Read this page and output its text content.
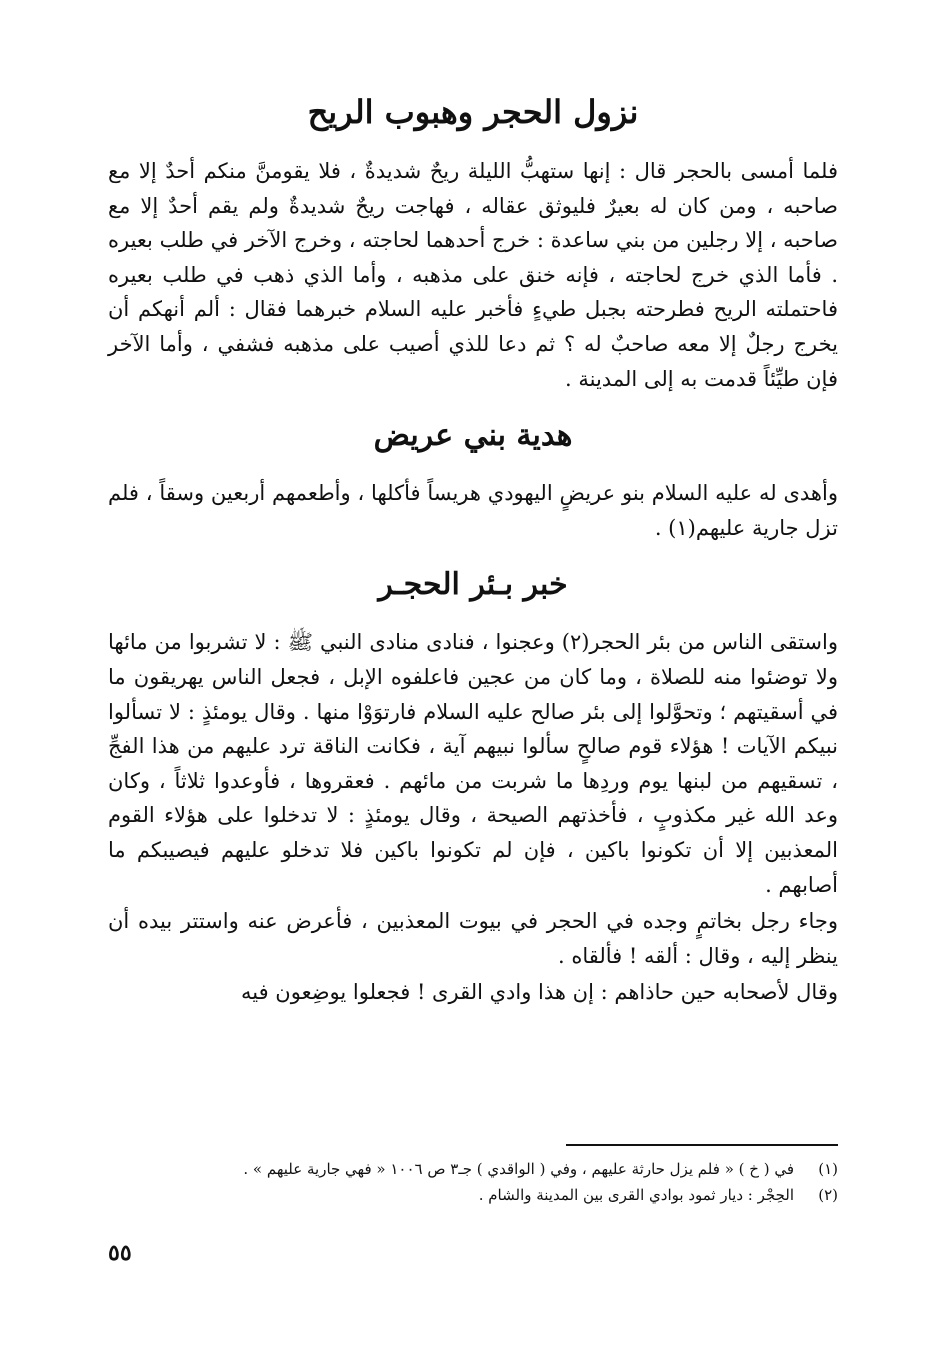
نزول الحجر وهبوب الريح

فلما أمسى بالحجر قال : إنها ستهبُّ الليلة ريحٌ شديدةٌ ، فلا يقومنَّ منكم أحدٌ إلا مع صاحبه ، ومن كان له بعيرٌ فليوثق عقاله ، فهاجت ريحٌ شديدةٌ ولم يقم أحدٌ إلا مع صاحبه ، إلا رجلين من بني ساعدة : خرج أحدهما لحاجته ، وخرج الآخر في طلب بعيره . فأما الذي خرج لحاجته ، فإنه خنق على مذهبه ، وأما الذي ذهب في طلب بعيره فاحتملته الريح فطرحته بجبل طيءٍ فأخبر عليه السلام خبرهما فقال : ألم أنهكم أن يخرج رجلٌ إلا معه صاحبٌ له ؟ ثم دعا للذي أصيب على مذهبه فشفي ، وأما الآخر فإن طيِّئاً قدمت به إلى المدينة .

هدية بني عريض

وأهدى له عليه السلام بنو عريضٍ اليهودي هريساً فأكلها ، وأطعمهم أربعين وسقاً ، فلم تزل جارية عليهم(١) .

خبر بـئر الحجـر

واستقى الناس من بئر الحجر(٢) وعجنوا ، فنادى منادى النبي ﷺ : لا تشربوا من مائها ولا توضئوا منه للصلاة ، وما كان من عجين فاعلفوه الإبل ، فجعل الناس يهريقون ما في أسقيتهم ؛ وتحوَّلوا إلى بئر صالح عليه السلام فارتوَوْا منها . وقال يومئذٍ : لا تسألوا نبيكم الآيات ! هؤلاء قوم صالحٍ سألوا نبيهم آية ، فكانت الناقة ترد عليهم من هذا الفجِّ ، تسقيهم من لبنها يوم وردِها ما شربت من مائهم . فعقروها ، فأوعدوا ثلاثاً ، وكان وعد الله غير مكذوبٍ ، فأخذتهم الصيحة ، وقال يومئذٍ : لا تدخلوا على هؤلاء القوم المعذبين إلا أن تكونوا باكين ، فإن لم تكونوا باكين فلا تدخلو عليهم فيصيبكم ما أصابهم .

وجاء رجل بخاتمٍ وجده في الحجر في بيوت المعذبين ، فأعرض عنه واستتر بيده أن ينظر إليه ، وقال : ألقه ! فألقاه .

وقال لأصحابه حين حاذاهم : إن هذا وادي القرى ! فجعلوا يوضِعون فيه

(١)في ( خ ) « فلم يزل حارثة عليهم ، وفي ( الواقدي ) جـ٣ ص ١٠٠٦ « فهي جارية عليهم » .
(٢)الحِجْر : ديار ثمود بوادي القرى بين المدينة والشام .
٥٥
